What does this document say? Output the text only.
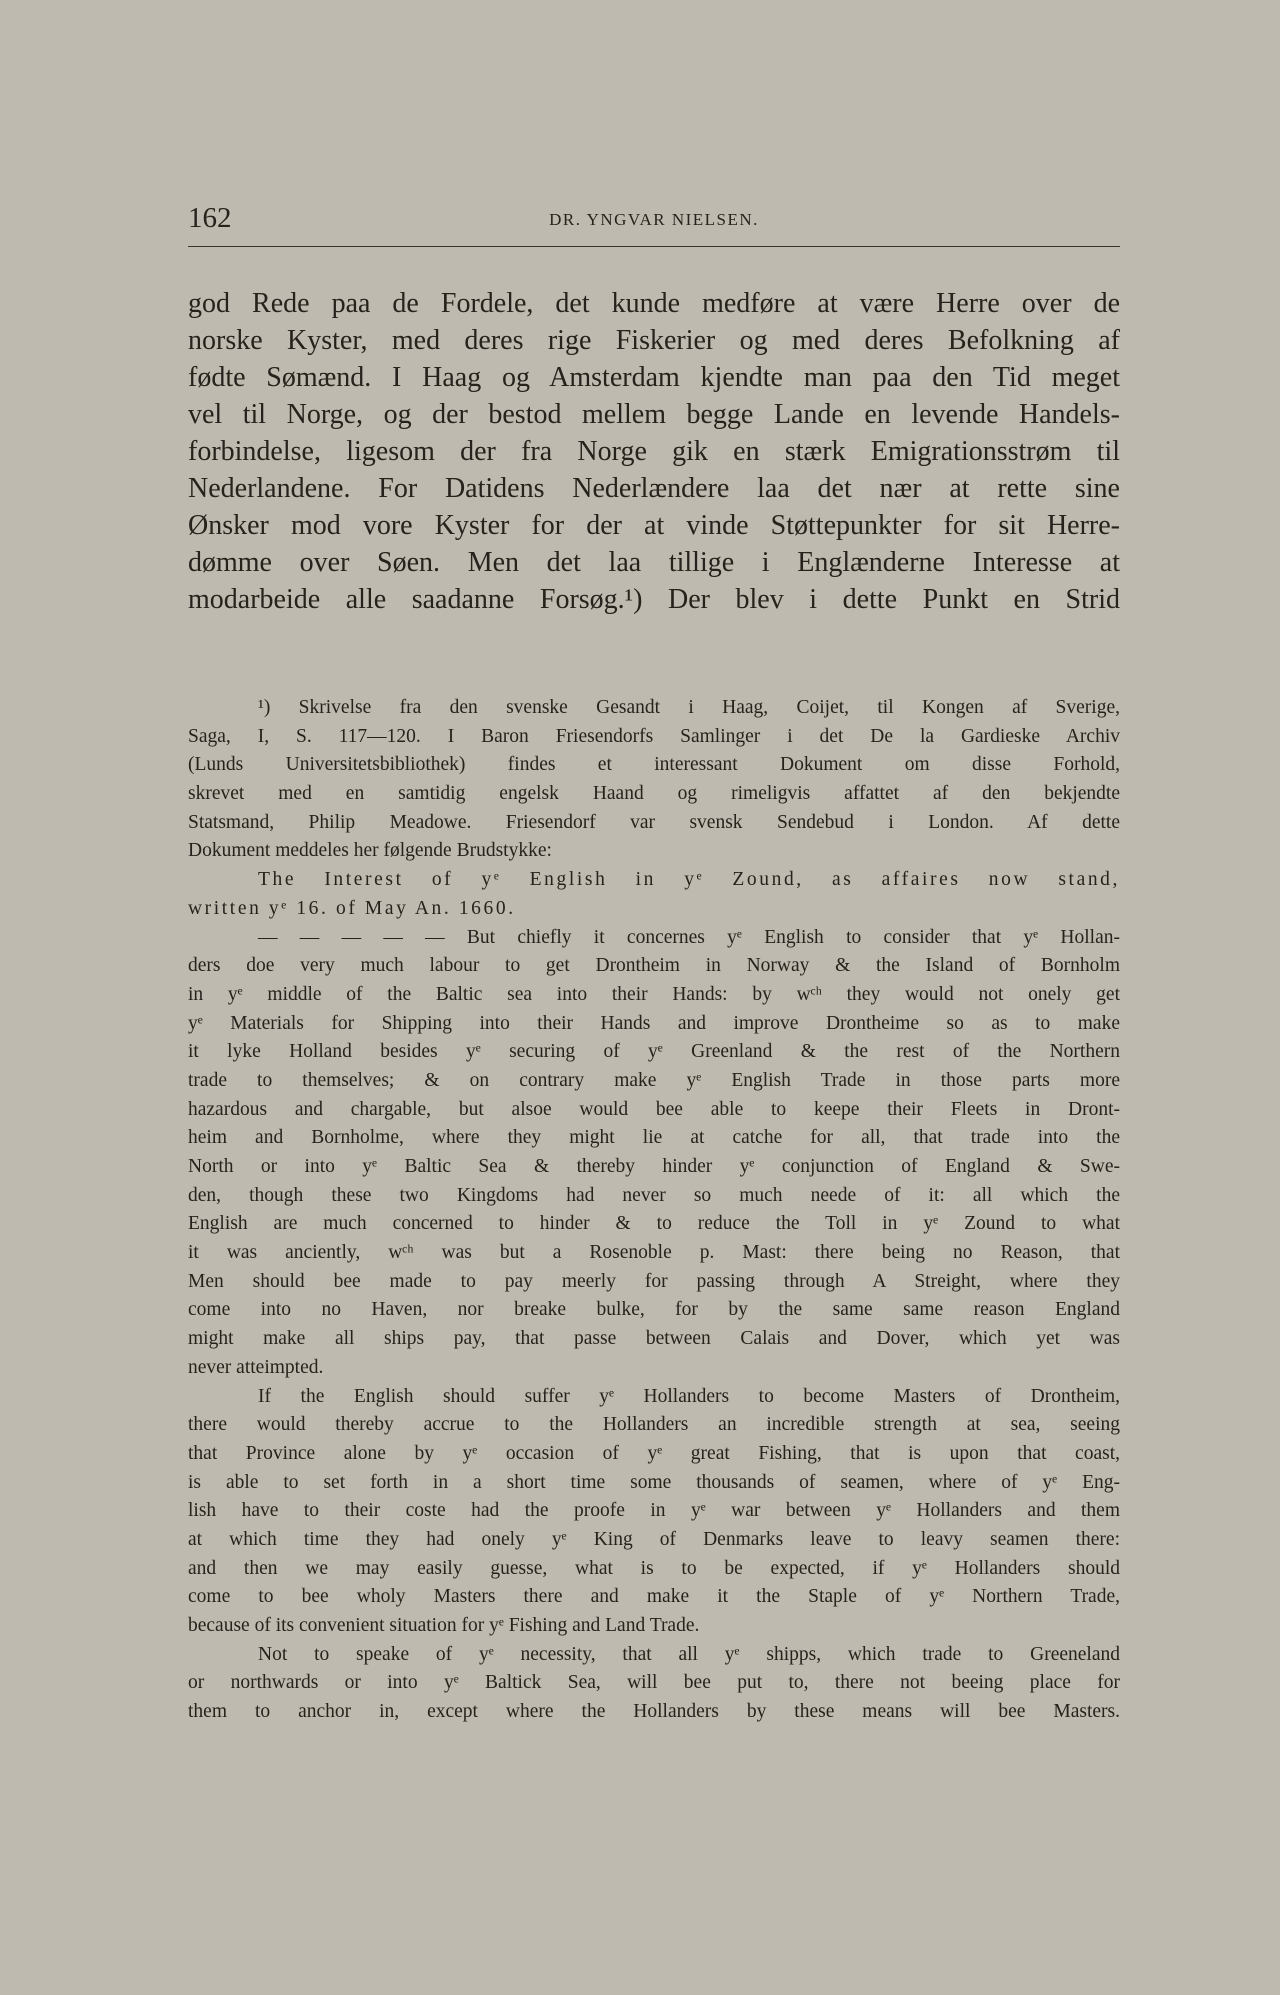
162	DR. YNGVAR NIELSEN.
god Rede paa de Fordele, det kunde medføre at være Herre over de
norske Kyster, med deres rige Fiskerier og med deres Befolkning af
fødte Sømænd. I Haag og Amsterdam kjendte man paa den Tid meget
vel til Norge, og der bestod mellem begge Lande en levende Handels-
forbindelse, ligesom der fra Norge gik en stærk Emigrationsstrøm til
Nederlandene. For Datidens Nederlændere laa det nær at rette sine
Ønsker mod vore Kyster for der at vinde Støttepunkter for sit Herre-
dømme over Søen. Men det laa tillige i Englænderne Interesse at
modarbeide alle saadanne Forsøg.¹) Der blev i dette Punkt en Strid
¹) Skrivelse fra den svenske Gesandt i Haag, Coijet, til Kongen af Sverige,
Saga, I, S. 117—120. I Baron Friesendorfs Samlinger i det De la Gardieske Archiv
(Lunds Universitetsbibliothek) findes et interessant Dokument om disse Forhold,
skrevet med en samtidig engelsk Haand og rimeligvis affattet af den bekjendte
Statsmand, Philip Meadowe. Friesendorf var svensk Sendebud i London. Af dette
Dokument meddeles her følgende Brudstykke:
The Interest of yᵉ English in yᵉ Zound, as affaires now stand,
written yᵉ 16. of May An. 1660.
— — — — — But chiefly it concernes yᵉ English to consider that yᵉ Hollan-
ders doe very much labour to get Drontheim in Norway & the Island of Bornholm
in yᵉ middle of the Baltic sea into their Hands: by wᶜʰ they would not onely get
yᵉ Materials for Shipping into their Hands and improve Drontheime so as to make
it lyke Holland besides yᵉ securing of yᵉ Greenland & the rest of the Northern
trade to themselves; & on contrary make yᵉ English Trade in those parts more
hazardous and chargable, but alsoe would bee able to keepe their Fleets in Dront-
heim and Bornholme, where they might lie at catche for all, that trade into the
North or into yᵉ Baltic Sea & thereby hinder yᵉ conjunction of England & Swe-
den, though these two Kingdoms had never so much neede of it: all which the
English are much concerned to hinder & to reduce the Toll in yᵉ Zound to what
it was anciently, wᶜʰ was but a Rosenoble p. Mast: there being no Reason, that
Men should bee made to pay meerly for passing through A Streight, where they
come into no Haven, nor breake bulke, for by the same same reason England
might make all ships pay, that passe between Calais and Dover, which yet was
never atteimpted.
If the English should suffer yᵉ Hollanders to become Masters of Drontheim,
there would thereby accrue to the Hollanders an incredible strength at sea, seeing
that Province alone by yᵉ occasion of yᵉ great Fishing, that is upon that coast,
is able to set forth in a short time some thousands of seamen, where of yᵉ Eng-
lish have to their coste had the proofe in yᵉ war between yᵉ Hollanders and them
at which time they had onely yᵉ King of Denmarks leave to leavy seamen there:
and then we may easily guesse, what is to be expected, if yᵉ Hollanders should
come to bee wholy Masters there and make it the Staple of yᵉ Northern Trade,
because of its convenient situation for yᵉ Fishing and Land Trade.
Not to speake of yᵉ necessity, that all yᵉ shipps, which trade to Greeneland
or northwards or into yᵉ Baltick Sea, will bee put to, there not beeing place for
them to anchor in, except where the Hollanders by these means will bee Masters.
